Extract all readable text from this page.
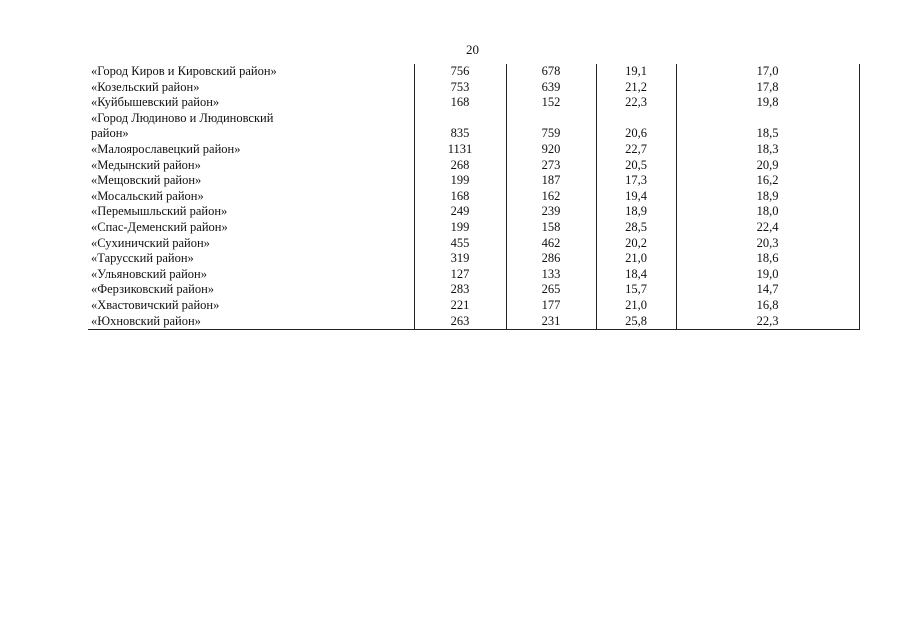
20
«Город Киров и Кировский район»	756	678	19,1	17,0
«Козельский район»	753	639	21,2	17,8
«Куйбышевский район»	168	152	22,3	19,8

«Город Людиново и Людиновский
район»	835	759	20,6	18,5
«Малоярославецкий район»	1131	920	22,7	18,3
«Медынский район»	268	273	20,5	20,9
«Мещовский район»	199	187	17,3	16,2
«Мосальский район»	168	162	19,4	18,9
«Перемышльский район»	249	239	18,9	18,0
«Спас-Деменский район»	199	158	28,5	22,4
«Сухиничский район»	455	462	20,2	20,3
«Тарусский район»	319	286	21,0	18,6
«Ульяновский район»	127	133	18,4	19,0
«Ферзиковский район»	283	265	15,7	14,7
«Хвастовичский район»	221	177	21,0	16,8
«Юхновский район»	263	231	25,8	22,3
